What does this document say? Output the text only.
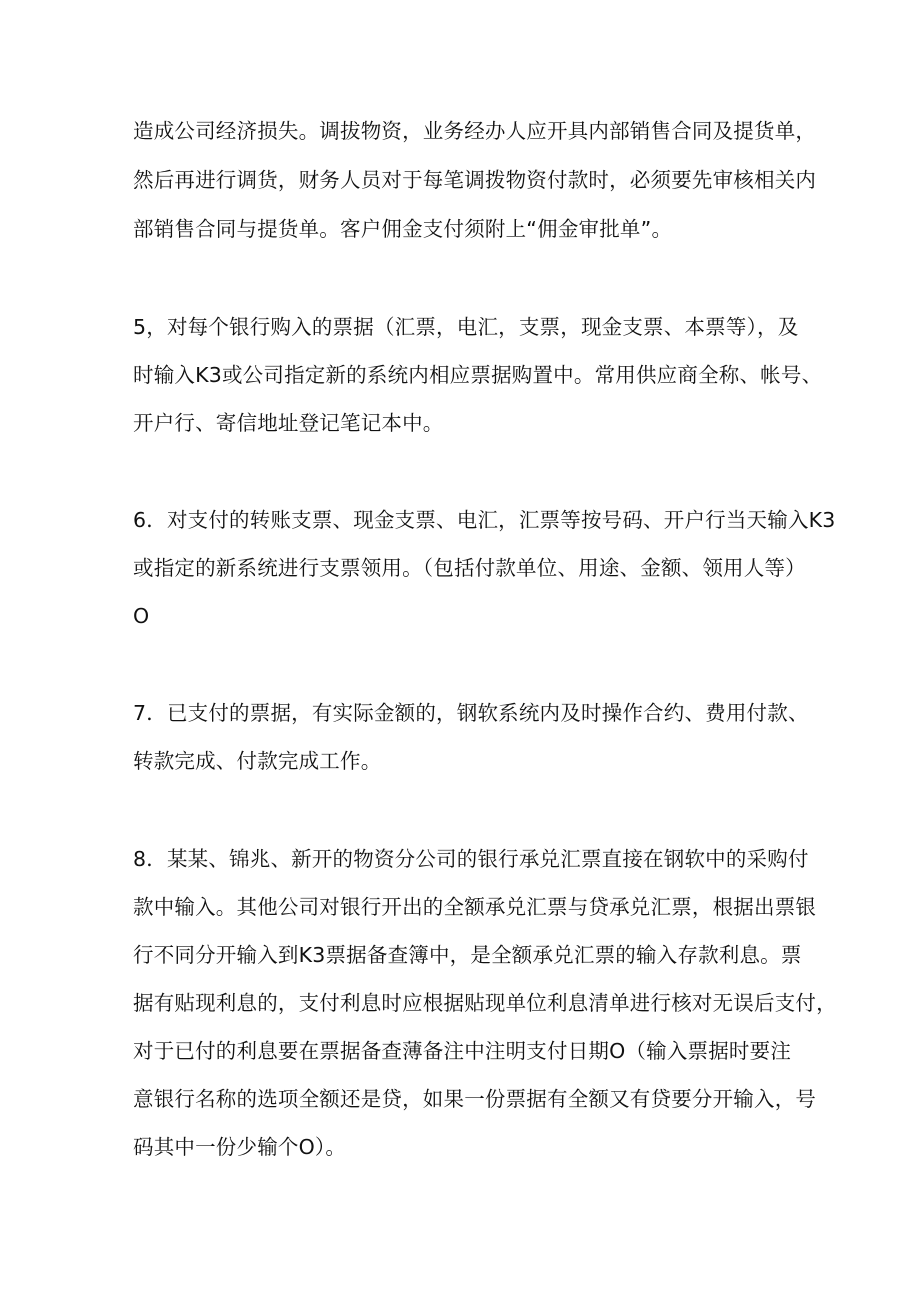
造成公司经济损失。调拔物资，业务经办人应开具内部销售合同及提货单，
然后再进行调货，财务人员对于每笔调拨物资付款时，必须要先审核相关内
部销售合同与提货单。客户佣金支付须附上“佣金审批单”。
5，对每个银行购入的票据（汇票，电汇，支票，现金支票、本票等），及
时输入K3或公司指定新的系统内相应票据购置中。常用供应商全称、帐号、
开户行、寄信地址登记笔记本中。
6．对支付的转账支票、现金支票、电汇，汇票等按号码、开户行当天输入K3
或指定的新系统进行支票领用。（包括付款单位、用途、金额、领用人等）
O
7．已支付的票据，有实际金额的，钢软系统内及时操作合约、费用付款、
转款完成、付款完成工作。
8．某某、锦兆、新开的物资分公司的银行承兑汇票直接在钢软中的采购付
款中输入。其他公司对银行开出的全额承兑汇票与贷承兑汇票，根据出票银
行不同分开输入到K3票据备查簿中，是全额承兑汇票的输入存款利息。票
据有贴现利息的，支付利息时应根据贴现单位利息清单进行核对无误后支付，
对于已付的利息要在票据备查薄备注中注明支付日期O（输入票据时要注
意银行名称的选项全额还是贷，如果一份票据有全额又有贷要分开输入，号
码其中一份少输个O）。
